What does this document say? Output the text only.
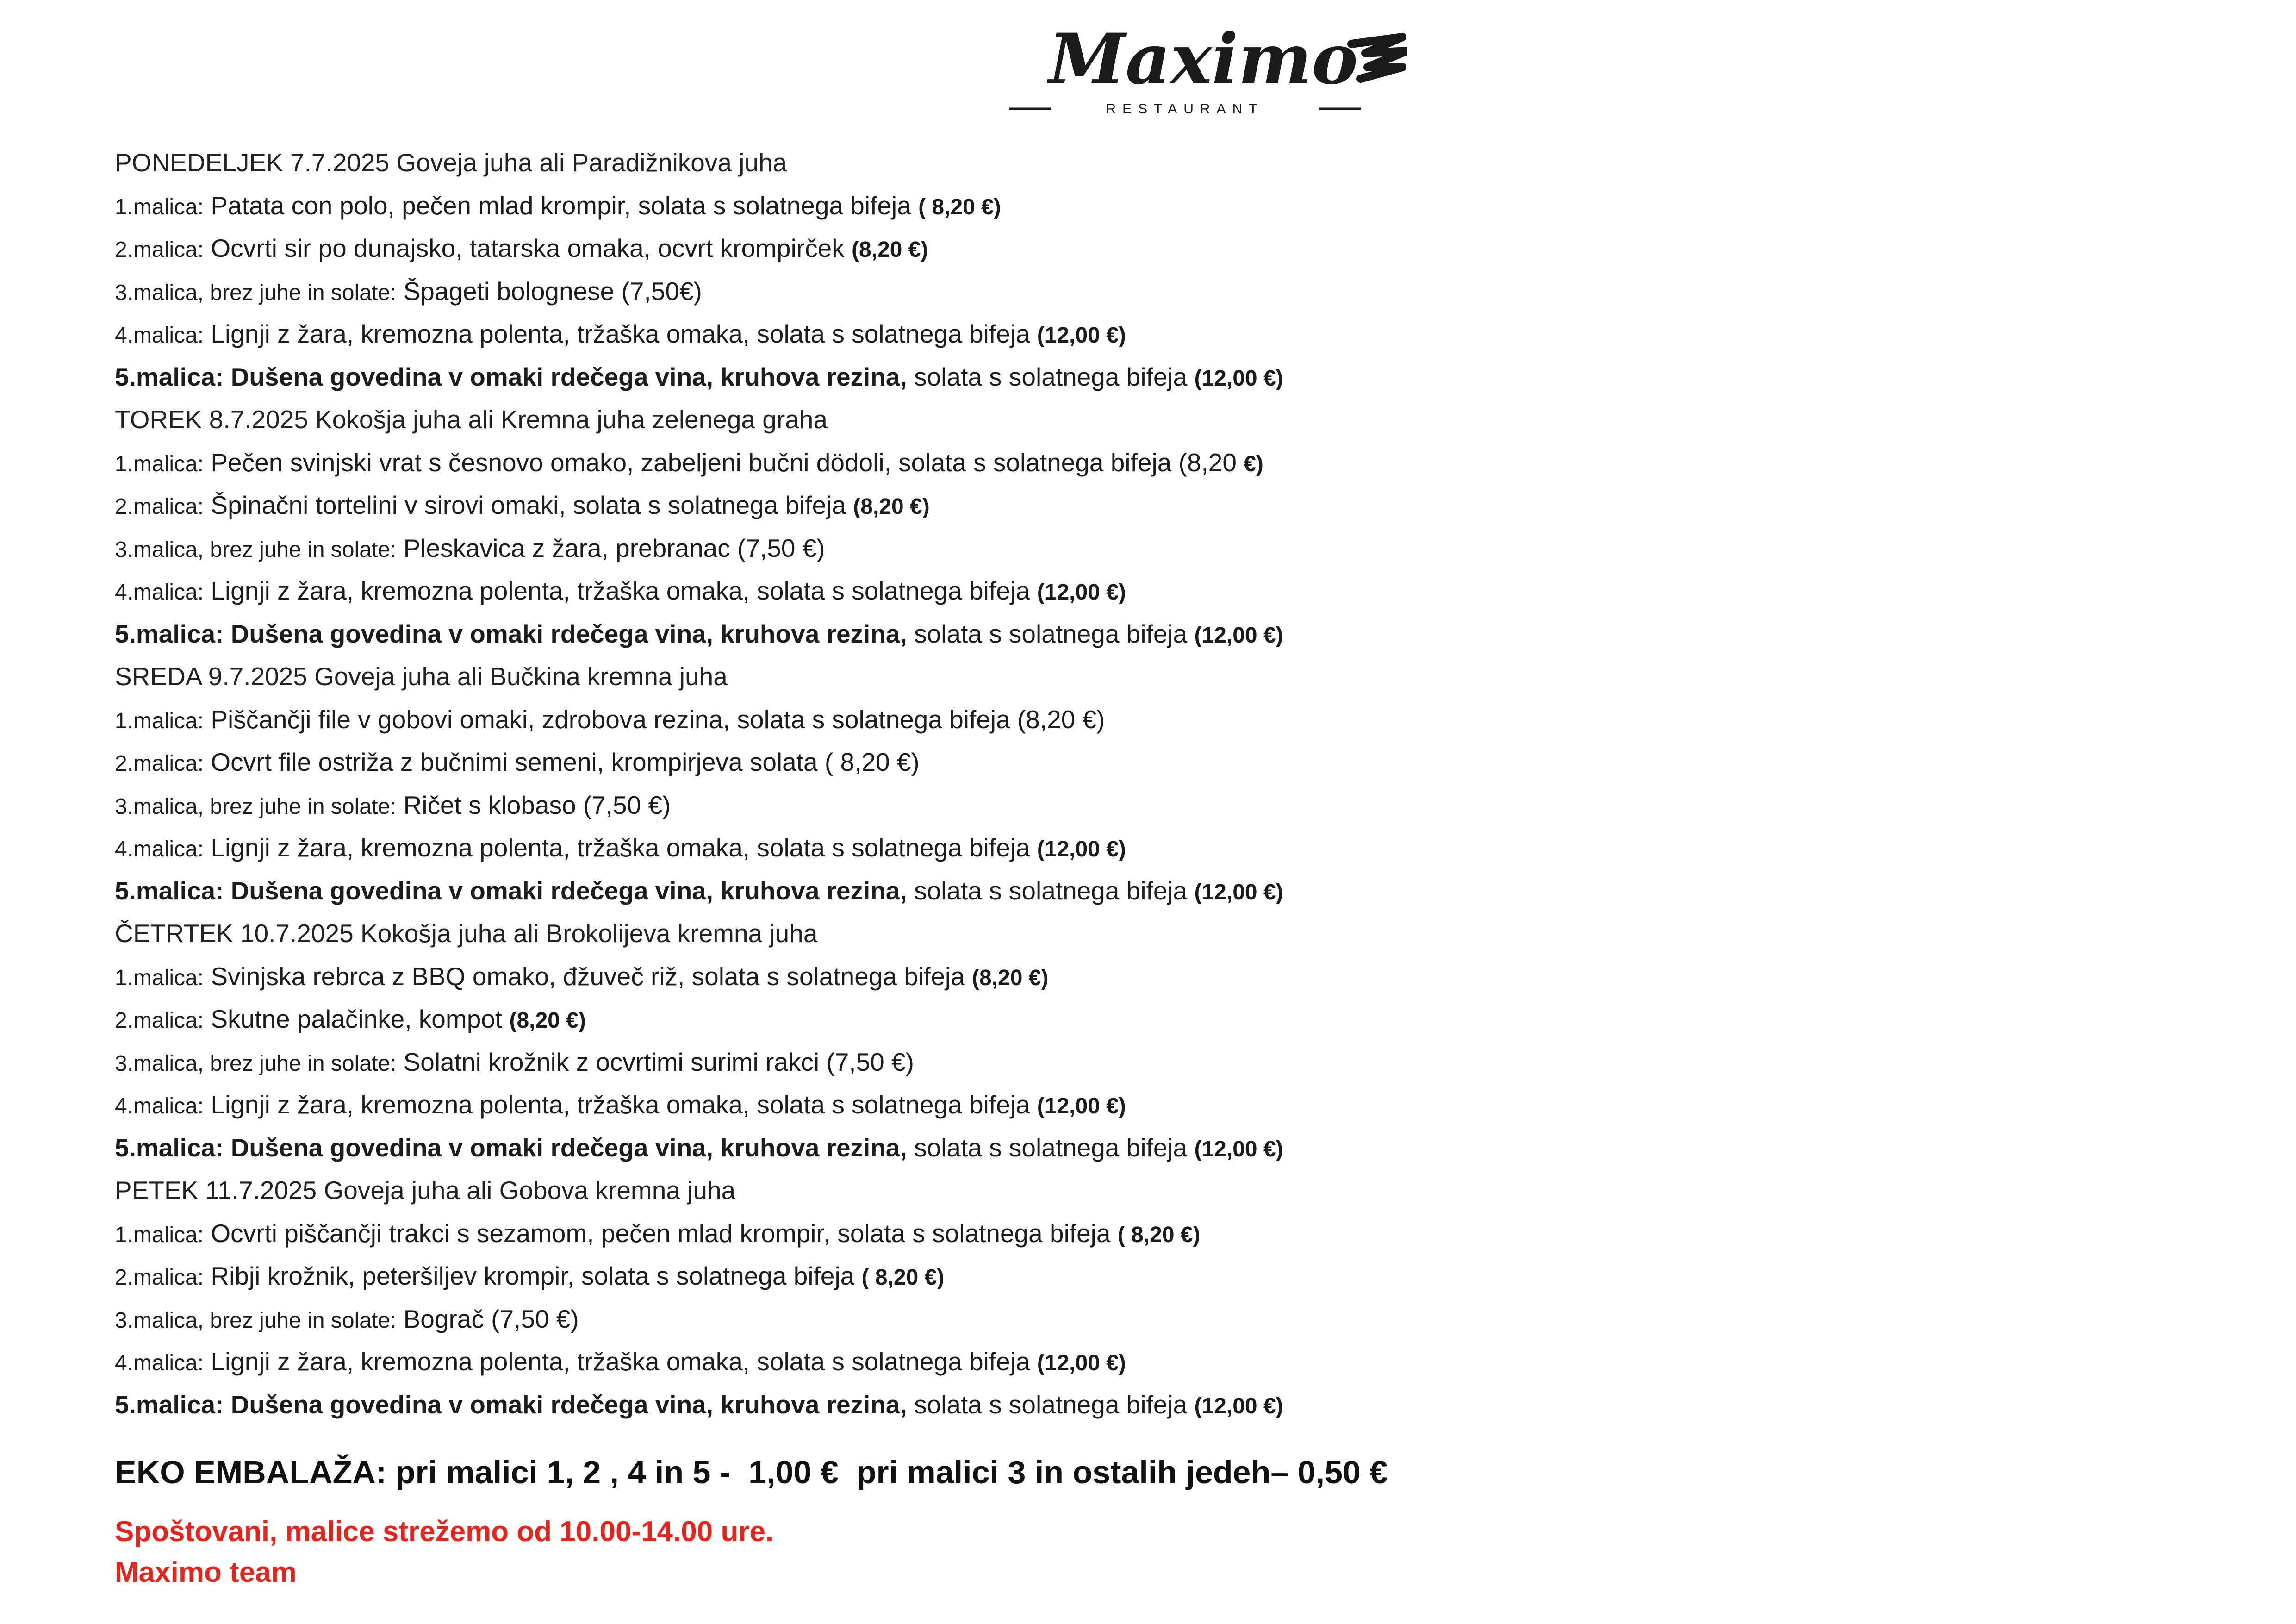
Maximo
RESTAURANT
PONEDELJEK 7.7.2025 Goveja juha ali Paradižnikova juha
1.malica: Patata con polo, pečen mlad krompir, solata s solatnega bifeja ( 8,20 €)
2.malica: Ocvrti sir po dunajsko, tatarska omaka, ocvrt krompirček (8,20 €)
3.malica, brez juhe in solate: Špageti bolognese (7,50€)
4.malica: Lignji z žara, kremozna polenta, tržaška omaka, solata s solatnega bifeja (12,00 €)
5.malica: Dušena govedina v omaki rdečega vina, kruhova rezina, solata s solatnega bifeja (12,00 €)
TOREK 8.7.2025 Kokošja juha ali Kremna juha zelenega graha
1.malica: Pečen svinjski vrat s česnovo omako, zabeljeni bučni dödoli, solata s solatnega bifeja (8,20 €)
2.malica: Špinačni tortelini v sirovi omaki, solata s solatnega bifeja (8,20 €)
3.malica, brez juhe in solate: Pleskavica z žara, prebranac (7,50 €)
4.malica: Lignji z žara, kremozna polenta, tržaška omaka, solata s solatnega bifeja (12,00 €)
5.malica: Dušena govedina v omaki rdečega vina, kruhova rezina, solata s solatnega bifeja (12,00 €)
SREDA 9.7.2025 Goveja juha ali Bučkina kremna juha
1.malica: Piščančji file v gobovi omaki, zdrobova rezina, solata s solatnega bifeja (8,20 €)
2.malica: Ocvrt file ostriža z bučnimi semeni, krompirjeva solata ( 8,20 €)
3.malica, brez juhe in solate: Ričet s klobaso (7,50 €)
4.malica: Lignji z žara, kremozna polenta, tržaška omaka, solata s solatnega bifeja (12,00 €)
5.malica: Dušena govedina v omaki rdečega vina, kruhova rezina, solata s solatnega bifeja (12,00 €)
ČETRTEK 10.7.2025 Kokošja juha ali Brokolijeva kremna juha
1.malica: Svinjska rebrca z BBQ omako, đžuveč riž, solata s solatnega bifeja (8,20 €)
2.malica: Skutne palačinke, kompot (8,20 €)
3.malica, brez juhe in solate: Solatni krožnik z ocvrtimi surimi rakci (7,50 €)
4.malica: Lignji z žara, kremozna polenta, tržaška omaka, solata s solatnega bifeja (12,00 €)
5.malica: Dušena govedina v omaki rdečega vina, kruhova rezina, solata s solatnega bifeja (12,00 €)
PETEK 11.7.2025 Goveja juha ali Gobova kremna juha
1.malica: Ocvrti piščančji trakci s sezamom, pečen mlad krompir, solata s solatnega bifeja ( 8,20 €)
2.malica: Ribji krožnik, peteršiljev krompir, solata s solatnega bifeja ( 8,20 €)
3.malica, brez juhe in solate: Bograč (7,50 €)
4.malica: Lignji z žara, kremozna polenta, tržaška omaka, solata s solatnega bifeja (12,00 €)
5.malica: Dušena govedina v omaki rdečega vina, kruhova rezina, solata s solatnega bifeja (12,00 €)
EKO EMBALAŽA: pri malici 1, 2 , 4 in 5 -  1,00 €  pri malici 3 in ostalih jedeh– 0,50 €
Spoštovani, malice strežemo od 10.00-14.00 ure.
Maximo team
